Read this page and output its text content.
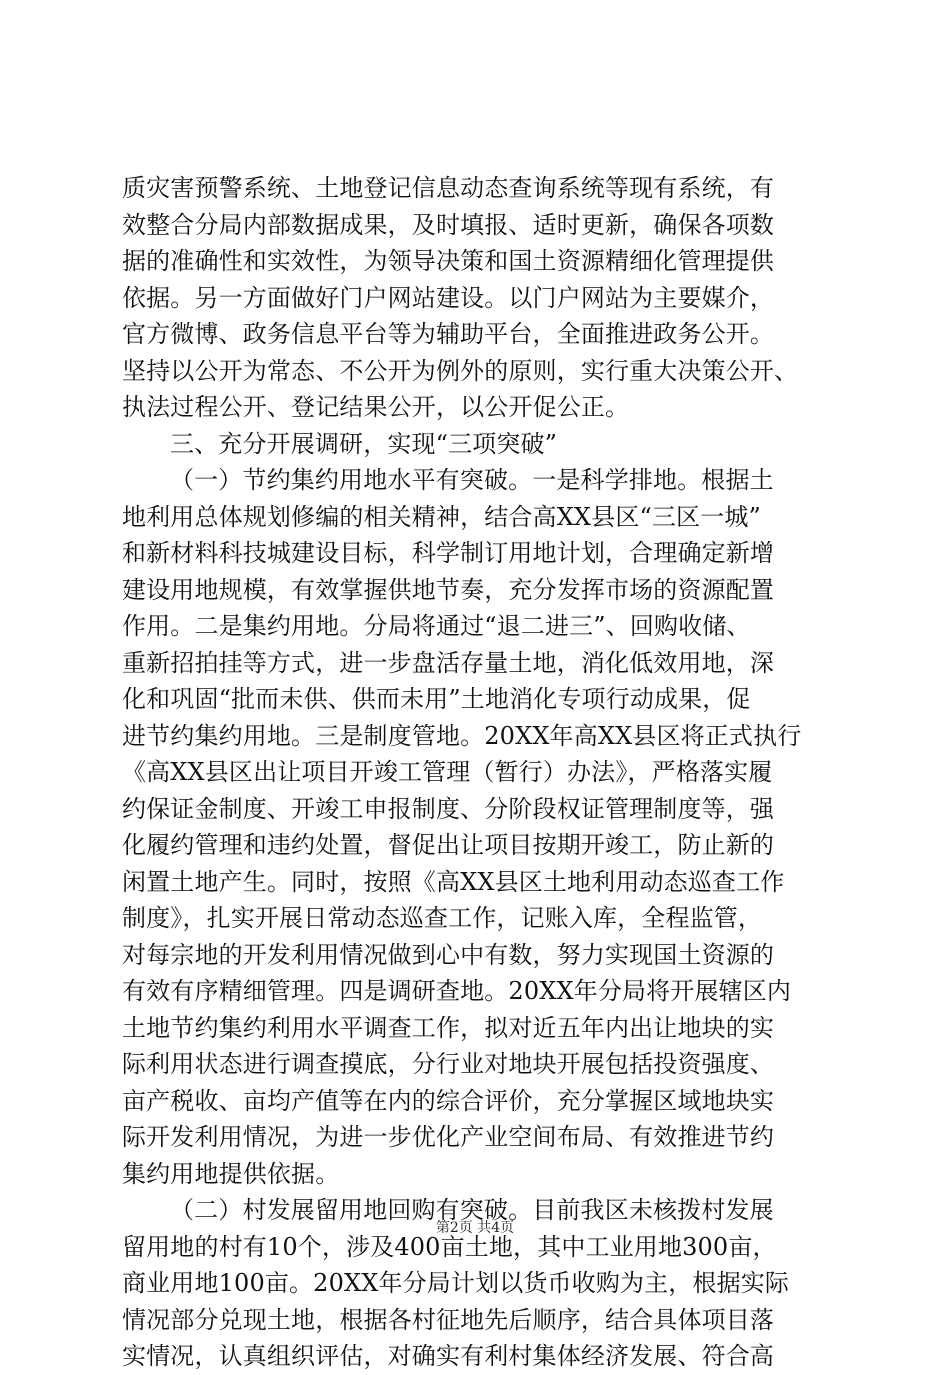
质灾害预警系统、土地登记信息动态查询系统等现有系统，有
效整合分局内部数据成果，及时填报、适时更新，确保各项数
据的准确性和实效性，为领导决策和国土资源精细化管理提供
依据。另一方面做好门户网站建设。以门户网站为主要媒介，
官方微博、政务信息平台等为辅助平台，全面推进政务公开。
坚持以公开为常态、不公开为例外的原则，实行重大决策公开、
执法过程公开、登记结果公开，以公开促公正。
三、充分开展调研，实现“三项突破”
（一）节约集约用地水平有突破。一是科学排地。根据土
地利用总体规划修编的相关精神，结合高XX县区“三区一城”
和新材料科技城建设目标，科学制订用地计划，合理确定新增
建设用地规模，有效掌握供地节奏，充分发挥市场的资源配置
作用。二是集约用地。分局将通过“退二进三”、回购收储、
重新招拍挂等方式，进一步盘活存量土地，消化低效用地，深
化和巩固“批而未供、供而未用”土地消化专项行动成果，促
进节约集约用地。三是制度管地。20XX年高XX县区将正式执行
《高XX县区出让项目开竣工管理（暂行）办法》，严格落实履
约保证金制度、开竣工申报制度、分阶段权证管理制度等，强
化履约管理和违约处置，督促出让项目按期开竣工，防止新的
闲置土地产生。同时，按照《高XX县区土地利用动态巡查工作
制度》，扎实开展日常动态巡查工作，记账入库，全程监管，
对每宗地的开发利用情况做到心中有数，努力实现国土资源的
有效有序精细管理。四是调研查地。20XX年分局将开展辖区内
土地节约集约利用水平调查工作，拟对近五年内出让地块的实
际利用状态进行调查摸底，分行业对地块开展包括投资强度、
亩产税收、亩均产值等在内的综合评价，充分掌握区域地块实
际开发利用情况，为进一步优化产业空间布局、有效推进节约
集约用地提供依据。
（二）村发展留用地回购有突破。目前我区未核拨村发展
留用地的村有10个，涉及400亩土地，其中工业用地300亩，
商业用地100亩。20XX年分局计划以货币收购为主，根据实际
情况部分兑现土地，根据各村征地先后顺序，结合具体项目落
实情况，认真组织评估，对确实有利村集体经济发展、符合高
第2页 共4页
